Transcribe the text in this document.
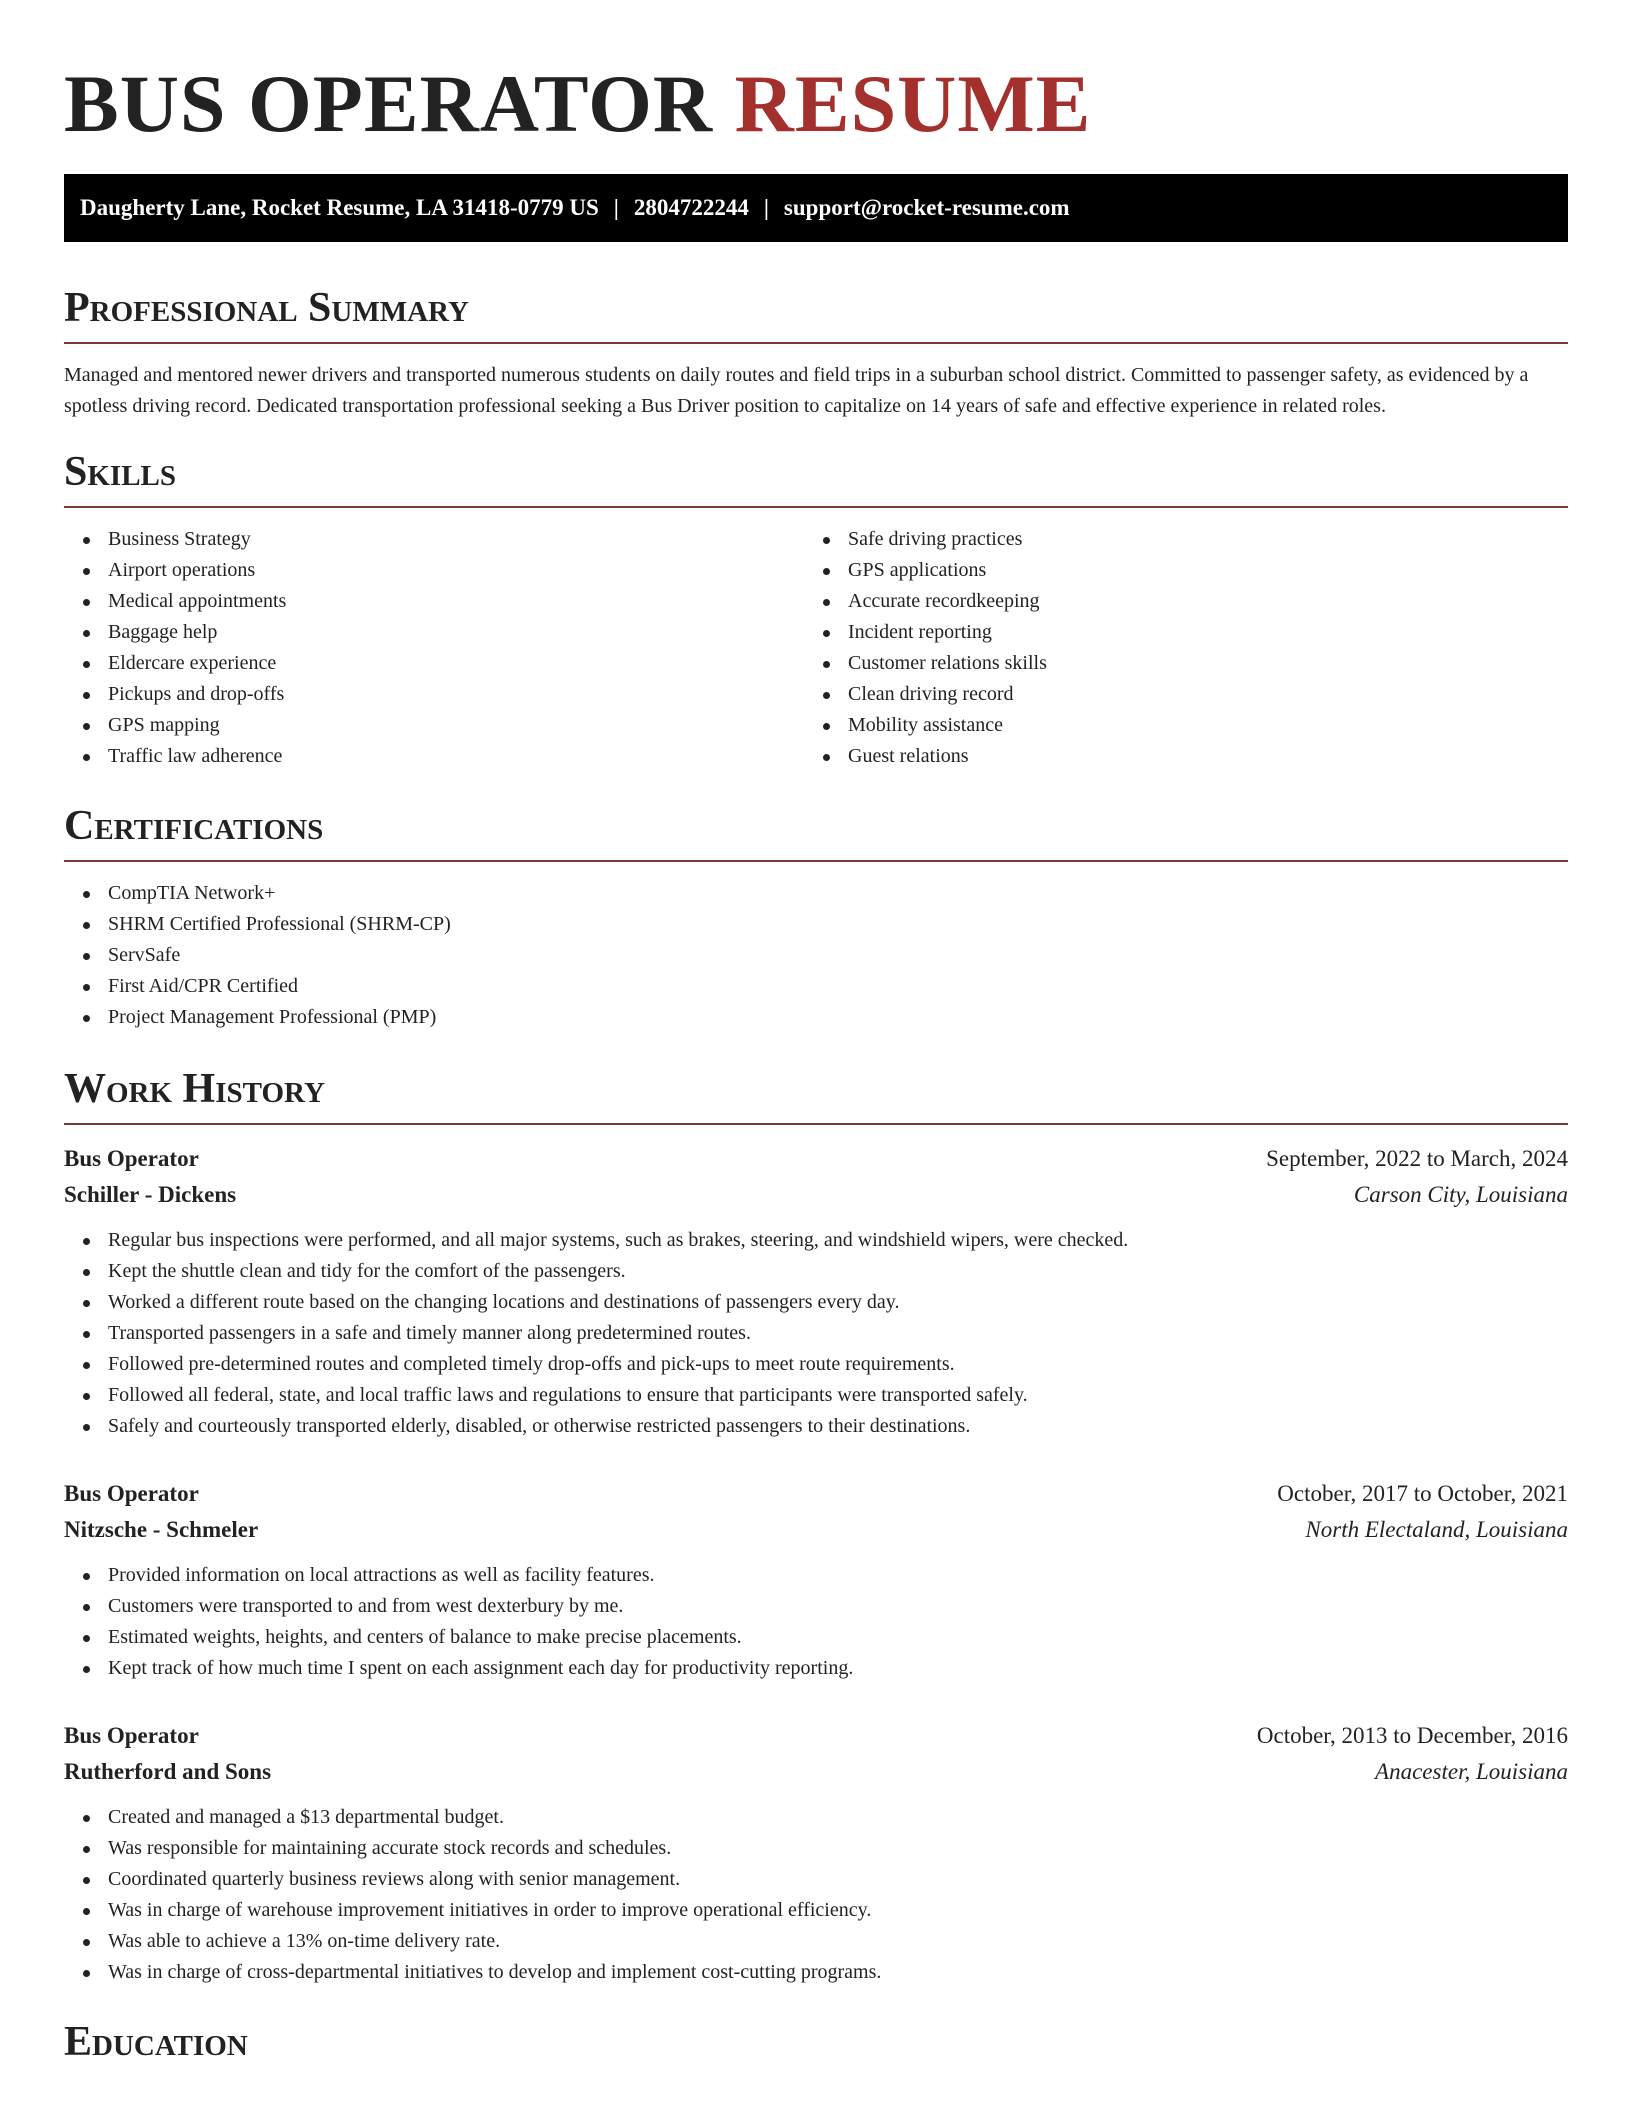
BUS OPERATOR RESUME
Daugherty Lane, Rocket Resume, LA 31418-0779 US | 2804722244 | support@rocket-resume.com
Professional Summary

Managed and mentored newer drivers and transported numerous students on daily routes and field trips in a suburban school district. Committed to passenger safety, as evidenced by a spotless driving record. Dedicated transportation professional seeking a Bus Driver position to capitalize on 14 years of safe and effective experience in related roles.

Skills
Business Strategy
Airport operations
Medical appointments
Baggage help
Eldercare experience
Pickups and drop-offs
GPS mapping
Traffic law adherence
Safe driving practices
GPS applications
Accurate recordkeeping
Incident reporting
Customer relations skills
Clean driving record
Mobility assistance
Guest relations
Certifications
CompTIA Network+
SHRM Certified Professional (SHRM-CP)
ServSafe
First Aid/CPR Certified
Project Management Professional (PMP)
Work History
Bus Operator	September, 2022 to March, 2024
Schiller - Dickens	Carson City, Louisiana
Regular bus inspections were performed, and all major systems, such as brakes, steering, and windshield wipers, were checked.
Kept the shuttle clean and tidy for the comfort of the passengers.
Worked a different route based on the changing locations and destinations of passengers every day.
Transported passengers in a safe and timely manner along predetermined routes.
Followed pre-determined routes and completed timely drop-offs and pick-ups to meet route requirements.
Followed all federal, state, and local traffic laws and regulations to ensure that participants were transported safely.
Safely and courteously transported elderly, disabled, or otherwise restricted passengers to their destinations.
Bus Operator	October, 2017 to October, 2021
Nitzsche - Schmeler	North Electaland, Louisiana
Provided information on local attractions as well as facility features.
Customers were transported to and from west dexterbury by me.
Estimated weights, heights, and centers of balance to make precise placements.
Kept track of how much time I spent on each assignment each day for productivity reporting.
Bus Operator	October, 2013 to December, 2016
Rutherford and Sons	Anacester, Louisiana
Created and managed a $13 departmental budget.
Was responsible for maintaining accurate stock records and schedules.
Coordinated quarterly business reviews along with senior management.
Was in charge of warehouse improvement initiatives in order to improve operational efficiency.
Was able to achieve a 13% on-time delivery rate.
Was in charge of cross-departmental initiatives to develop and implement cost-cutting programs.
Education
